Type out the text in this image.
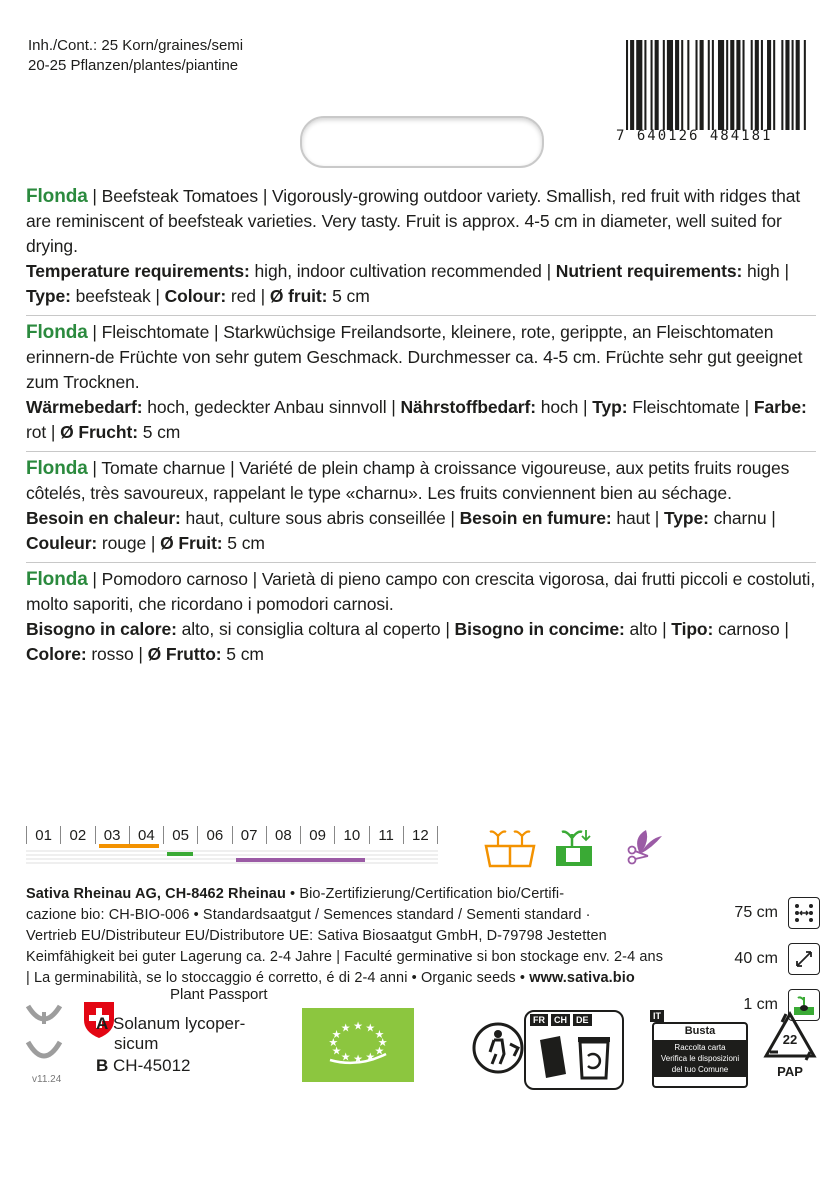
Inh./Cont.: 25 Korn/graines/semi
20-25 Pflanzen/plantes/piantine
7 640126 484181
Flonda | Beefsteak Tomatoes | Vigorously-growing outdoor variety. Smallish, red fruit with ridges that are reminiscent of beefsteak varieties. Very tasty. Fruit is approx. 4-5 cm in diameter, well suited for drying.
Temperature requirements: high, indoor cultivation recommended | Nutrient requirements: high | Type: beefsteak | Colour: red | Ø fruit: 5 cm
Flonda | Fleischtomate | Starkwüchsige Freilandsorte, kleinere, rote, gerippte, an Fleischtomaten erinnern-de Früchte von sehr gutem Geschmack. Durchmesser ca. 4-5 cm. Früchte sehr gut geeignet zum Trocknen.
Wärmebedarf: hoch, gedeckter Anbau sinnvoll | Nährstoffbedarf: hoch | Typ: Fleischtomate | Farbe: rot | Ø Frucht: 5 cm
Flonda | Tomate charnue | Variété de plein champ à croissance vigoureuse, aux petits fruits rouges côtelés, très savoureux, rappelant le type «charnu». Les fruits conviennent bien au séchage.
Besoin en chaleur: haut, culture sous abris conseillée | Besoin en fumure: haut | Type: charnu | Couleur: rouge | Ø Fruit: 5 cm
Flonda | Pomodoro carnoso | Varietà di pieno campo con crescita vigorosa, dai frutti piccoli e costoluti, molto saporiti, che ricordano i pomodori carnosi.
Bisogno in calore: alto, si consiglia coltura al coperto | Bisogno in concime: alto | Tipo: carnoso | Colore: rosso | Ø Frutto: 5 cm
01	02	03	04	05	06	07	08	09	10	11	12
Sativa Rheinau AG, CH-8462 Rheinau • Bio-Zertifizierung/Certification bio/Certifi-
cazione bio: CH-BIO-006 • Standardsaatgut / Semences standard / Sementi standard ·
Vertrieb EU/Distributeur EU/Distributore UE: Sativa Biosaatgut GmbH, D-79798 Jestetten
Keimfähigkeit bei guter Lagerung ca. 2-4 Jahre | Faculté germinative si bon stockage env. 2-4 ans
| La germinabilità, se lo stoccaggio é corretto, é di 2-4 anni • Organic seeds • www.sativa.bio
75 cm
40 cm
1 cm
Plant Passport
A Solanum lycoper-
sicum
B CH-45012
v11.24
★
★
★
★
★
★
★
★
★ ★ ★
★
FR	CH	DE	IT
Busta
Raccolta carta
Verifica le disposizioni
del tuo Comune
22
PAP
